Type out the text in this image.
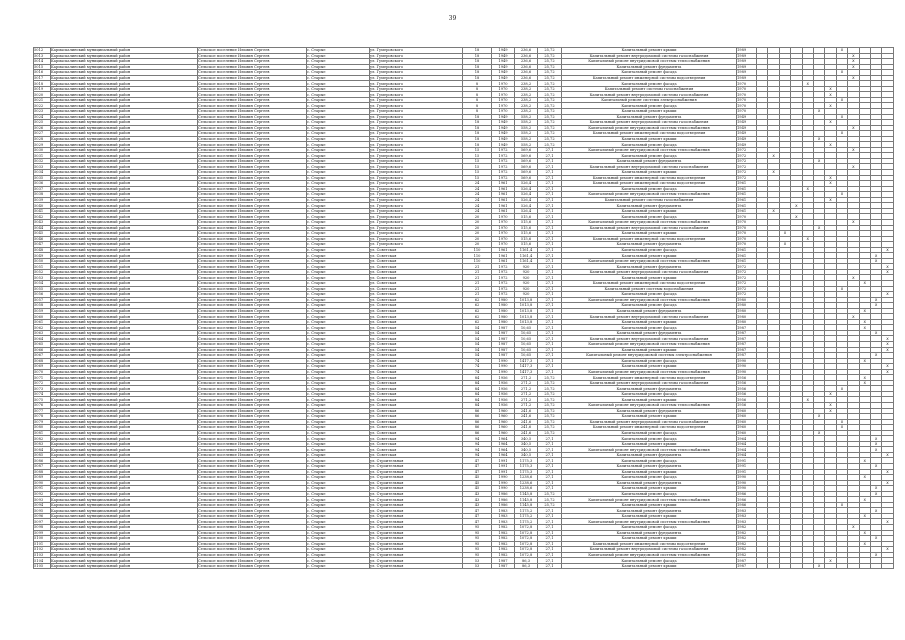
39
5012	Кармаскалинский муниципальный район	Сельское поселение Ильмин Сергеев	с. Старые	ул. Гумеровского	18	1949	236,6	25,72	Капитальный ремонт крыши	1989								X				
5013	Кармаскалинский муниципальный район	Сельское поселение Ильмин Сергеев	с. Старые	ул. Гумеровского	18	1949	236,6	25,72	Капитальный ремонт внутридомовой системы газоснабжения	1989									X			
5014	Кармаскалинский муниципальный район	Сельское поселение Ильмин Сергеев	с. Старые	ул. Гумеровского	18	1949	236,6	25,72	Капитальный ремонт внутридомовой системы теплоснабжения	1989									X			
5015	Кармаскалинский муниципальный район	Сельское поселение Ильмин Сергеев	с. Старые	ул. Гумеровского	18	1949	236,6	25,72	Капитальный ремонт фундамента	1989									X			
5016	Кармаскалинский муниципальный район	Сельское поселение Ильмин Сергеев	с. Старые	ул. Гумеровского	18	1949	236,6	25,72	Капитальный ремонт фасада	1989								X				
5017	Кармаскалинский муниципальный район	Сельское поселение Ильмин Сергеев	с. Старые	ул. Гумеровского	18	1949	236,6	25,72	Капитальный ремонт инженерной системы водоотведения	1989									X			
5018	Кармаскалинский муниципальный район	Сельское поселение Ильмин Сергеев	с. Старые	ул. Гумеровского	8	1970	238,2	25,72	Капитальный ремонт фасада	1970					X							
5019	Кармаскалинский муниципальный район	Сельское поселение Ильмин Сергеев	с. Старые	ул. Гумеровского	8	1970	238,2	25,72	Капитальный ремонт системы газоснабжения	1970							X					
5020	Кармаскалинский муниципальный район	Сельское поселение Ильмин Сергеев	с. Старые	ул. Гумеровского	8	1970	238,2	25,72	Капитальный ремонт внутридомовой системы газоснабжения	1970							X					
5021	Кармаскалинский муниципальный район	Сельское поселение Ильмин Сергеев	с. Старые	ул. Гумеровского	8	1970	238,2	25,72	Капитальный ремонт системы электроснабжения	1970								X				
5022	Кармаскалинский муниципальный район	Сельское поселение Ильмин Сергеев	с. Старые	ул. Гумеровского	8	1970	238,2	25,72	Капитальный ремонт фасада	1970							X					
5023	Кармаскалинский муниципальный район	Сельское поселение Ильмин Сергеев	с. Старые	ул. Гумеровского	8	1970	238,2	25,72	Капитальный ремонт крыши	1970						X						
5024	Кармаскалинский муниципальный район	Сельское поселение Ильмин Сергеев	с. Старые	ул. Гумеровского	18	1949	558,2	25,72	Капитальный ремонт фундамента	1949								X				
5025	Кармаскалинский муниципальный район	Сельское поселение Ильмин Сергеев	с. Старые	ул. Гумеровского	18	1949	558,2	25,72	Капитальный ремонт внутридомовой системы газоснабжения	1949							X					
5026	Кармаскалинский муниципальный район	Сельское поселение Ильмин Сергеев	с. Старые	ул. Гумеровского	18	1949	558,2	25,72	Капитальный ремонт внутридомовой системы теплоснабжения	1949									X			
5027	Кармаскалинский муниципальный район	Сельское поселение Ильмин Сергеев	с. Старые	ул. Гумеровского	18	1949	558,2	25,72	Капитальный ремонт инженерной системы водоотведения	1949								X				
5028	Кармаскалинский муниципальный район	Сельское поселение Ильмин Сергеев	с. Старые	ул. Гумеровского	18	1949	558,2	25,72	Капитальный ремонт крыши	1949						X						
5029	Кармаскалинский муниципальный район	Сельское поселение Ильмин Сергеев	с. Старые	ул. Гумеровского	18	1949	558,2	25,72	Капитальный ремонт фасада	1949							X					
5030	Кармаскалинский муниципальный район	Сельское поселение Ильмин Сергеев	с. Старые	ул. Гумеровского	15	1972	569,6	27,1	Капитальный ремонт внутридомовой системы теплоснабжения	1972									X			
5031	Кармаскалинский муниципальный район	Сельское поселение Ильмин Сергеев	с. Старые	ул. Гумеровского	15	1972	569,6	27,1	Капитальный ремонт фасада	1972		X										
5032	Кармаскалинский муниципальный район	Сельское поселение Ильмин Сергеев	с. Старые	ул. Гумеровского	15	1972	569,6	27,1	Капитальный ремонт фундамента	1972						X						
5033	Кармаскалинский муниципальный район	Сельское поселение Ильмин Сергеев	с. Старые	ул. Гумеровского	15	1972	569,6	27,1	Капитальный ремонт внутридомовой системы газоснабжения	1972									X			
5034	Кармаскалинский муниципальный район	Сельское поселение Ильмин Сергеев	с. Старые	ул. Гумеровского	15	1972	569,6	27,1	Капитальный ремонт крыши	1972		X										
5035	Кармаскалинский муниципальный район	Сельское поселение Ильмин Сергеев	с. Старые	ул. Гумеровского	15	1972	569,6	27,1	Капитальный ремонт инженерной системы водоотведения	1972							X					
5036	Кармаскалинский муниципальный район	Сельское поселение Ильмин Сергеев	с. Старые	ул. Гумеровского	24	1961	526,4	27,1	Капитальный ремонт инженерной системы водоотведения	1961							X					
5037	Кармаскалинский муниципальный район	Сельское поселение Ильмин Сергеев	с. Старые	ул. Гумеровского	24	1961	526,4	27,1	Капитальный ремонт фасада	1961					X							
5038	Кармаскалинский муниципальный район	Сельское поселение Ильмин Сергеев	с. Старые	ул. Гумеровского	24	1961	526,4	27,1	Капитальный ремонт внутридомовой системы теплоснабжения	1961								X				
5039	Кармаскалинский муниципальный район	Сельское поселение Ильмин Сергеев	с. Старые	ул. Гумеровского	24	1961	526,4	27,1	Капитальный ремонт системы газоснабжения	1961							X					
5040	Кармаскалинский муниципальный район	Сельское поселение Ильмин Сергеев	с. Старые	ул. Гумеровского	24	1961	526,4	27,1	Капитальный ремонт фундамента	1961				X								
5041	Кармаскалинский муниципальный район	Сельское поселение Ильмин Сергеев	с. Старые	ул. Гумеровского	24	1961	526,4	27,1	Капитальный ремонт крыши	1961		X										
5042	Кармаскалинский муниципальный район	Сельское поселение Ильмин Сергеев	с. Старые	ул. Гумеровского	20	1970	515,6	27,1	Капитальный ремонт фасада	1970				X								
5043	Кармаскалинский муниципальный район	Сельское поселение Ильмин Сергеев	с. Старые	ул. Гумеровского	20	1970	515,6	27,1	Капитальный ремонт внутридомовой системы теплоснабжения	1970									X			
5044	Кармаскалинский муниципальный район	Сельское поселение Ильмин Сергеев	с. Старые	ул. Гумеровского	20	1970	515,6	27,1	Капитальный ремонт внутридомовой системы газоснабжения	1970						X						
5045	Кармаскалинский муниципальный район	Сельское поселение Ильмин Сергеев	с. Старые	ул. Гумеровского	20	1970	515,6	27,1	Капитальный ремонт крыши	1970			X									
5046	Кармаскалинский муниципальный район	Сельское поселение Ильмин Сергеев	с. Старые	ул. Гумеровского	20	1970	515,6	27,1	Капитальный ремонт инженерной системы водоотведения	1970					X							
5047	Кармаскалинский муниципальный район	Сельское поселение Ильмин Сергеев	с. Старые	ул. Гумеровского	20	1970	515,6	27,1	Капитальный ремонт фундамента	1970			X									
5048	Кармаскалинский муниципальный район	Сельское поселение Ильмин Сергеев	с. Старые	ул. Советская	110	1961	1161,4	27,1	Капитальный ремонт фасада	1961												X
5049	Кармаскалинский муниципальный район	Сельское поселение Ильмин Сергеев	с. Старые	ул. Советская	110	1961	1161,4	27,1	Капитальный ремонт крыши	1961											X	
5050	Кармаскалинский муниципальный район	Сельское поселение Ильмин Сергеев	с. Старые	ул. Советская	110	1961	1161,4	27,1	Капитальный ремонт внутридомовой системы теплоснабжения	1961											X	
5051	Кармаскалинский муниципальный район	Сельское поселение Ильмин Сергеев	с. Старые	ул. Советская	21	1972	920	27,1	Капитальный ремонт фундамента	1972												X
5052	Кармаскалинский муниципальный район	Сельское поселение Ильмин Сергеев	с. Старые	ул. Советская	21	1972	920	27,1	Капитальный ремонт внутридомовой системы газоснабжения	1972												X
5053	Кармаскалинский муниципальный район	Сельское поселение Ильмин Сергеев	с. Старые	ул. Советская	21	1972	920	27,1	Капитальный ремонт крыши	1972									X			
5054	Кармаскалинский муниципальный район	Сельское поселение Ильмин Сергеев	с. Старые	ул. Советская	21	1972	920	27,1	Капитальный ремонт инженерной системы водоотведения	1972										X		
5055	Кармаскалинский муниципальный район	Сельское поселение Ильмин Сергеев	с. Старые	ул. Советская	21	1972	920	27,1	Капитальный ремонт системы водоснабжения	1972								X				
5056	Кармаскалинский муниципальный район	Сельское поселение Ильмин Сергеев	с. Старые	ул. Советская	21	1972	920	27,1	Капитальный ремонт фасада	1972												X
5057	Кармаскалинский муниципальный район	Сельское поселение Ильмин Сергеев	с. Старые	ул. Советская	62	1980	1013,8	27,1	Капитальный ремонт внутридомовой системы теплоснабжения	1980											X	
5058	Кармаскалинский муниципальный район	Сельское поселение Ильмин Сергеев	с. Старые	ул. Советская	62	1980	1013,8	27,1	Капитальный ремонт фасада	1980											X	
5059	Кармаскалинский муниципальный район	Сельское поселение Ильмин Сергеев	с. Старые	ул. Советская	62	1980	1013,8	27,1	Капитальный ремонт фундамента	1980										X		
5060	Кармаскалинский муниципальный район	Сельское поселение Ильмин Сергеев	с. Старые	ул. Советская	62	1980	1013,8	27,1	Капитальный ремонт внутридомовой системы газоснабжения	1980									X			
5061	Кармаскалинский муниципальный район	Сельское поселение Ильмин Сергеев	с. Старые	ул. Советская	62	1980	1013,8	27,1	Капитальный ремонт крыши	1980										X		
5062	Кармаскалинский муниципальный район	Сельское поселение Ильмин Сергеев	с. Старые	ул. Советская	54	1987	10,65	27,1	Капитальный ремонт фасада	1987										X		
5063	Кармаскалинский муниципальный район	Сельское поселение Ильмин Сергеев	с. Старые	ул. Советская	54	1987	10,65	27,1	Капитальный ремонт фундамента	1987											X	
5064	Кармаскалинский муниципальный район	Сельское поселение Ильмин Сергеев	с. Старые	ул. Советская	54	1987	10,65	27,1	Капитальный ремонт внутридомовой системы газоснабжения	1987												X
5065	Кармаскалинский муниципальный район	Сельское поселение Ильмин Сергеев	с. Старые	ул. Советская	54	1987	10,65	27,1	Капитальный ремонт внутридомовой системы теплоснабжения	1987												X
5066	Кармаскалинский муниципальный район	Сельское поселение Ильмин Сергеев	с. Старые	ул. Советская	54	1987	10,65	27,1	Капитальный ремонт крыши	1987												X
5067	Кармаскалинский муниципальный район	Сельское поселение Ильмин Сергеев	с. Старые	ул. Советская	54	1987	10,65	27,1	Капитальный ремонт внутридомовой системы электроснабжения	1987											X	
5068	Кармаскалинский муниципальный район	Сельское поселение Ильмин Сергеев	с. Старые	ул. Советская	74	1990	1417,3	27,1	Капитальный ремонт фасада	1990										X		
5069	Кармаскалинский муниципальный район	Сельское поселение Ильмин Сергеев	с. Старые	ул. Советская	74	1990	1417,3	27,1	Капитальный ремонт крыши	1990												X
5070	Кармаскалинский муниципальный район	Сельское поселение Ильмин Сергеев	с. Старые	ул. Советская	74	1990	1417,3	27,1	Капитальный ремонт внутридомовой системы теплоснабжения	1990												X
5071	Кармаскалинский муниципальный район	Сельское поселение Ильмин Сергеев	с. Старые	ул. Советская	84	1956	271,2	25,72	Капитальный ремонт инженерной системы водоотведения	1956										X		
5072	Кармаскалинский муниципальный район	Сельское поселение Ильмин Сергеев	с. Старые	ул. Советская	84	1956	271,2	25,72	Капитальный ремонт внутридомовой системы газоснабжения	1956										X		
5073	Кармаскалинский муниципальный район	Сельское поселение Ильмин Сергеев	с. Старые	ул. Советская	84	1956	271,2	25,72	Капитальный ремонт фундамента	1956								X				
5074	Кармаскалинский муниципальный район	Сельское поселение Ильмин Сергеев	с. Старые	ул. Советская	84	1956	271,2	25,72	Капитальный ремонт фасада	1956							X					
5075	Кармаскалинский муниципальный район	Сельское поселение Ильмин Сергеев	с. Старые	ул. Советская	84	1956	271,2	25,72	Капитальный ремонт крыши	1956					X							
5076	Кармаскалинский муниципальный район	Сельское поселение Ильмин Сергеев	с. Старые	ул. Советская	84	1956	271,2	25,72	Капитальный ремонт внутридомовой системы теплоснабжения	1956							X					
5077	Кармаскалинский муниципальный район	Сельское поселение Ильмин Сергеев	с. Старые	ул. Советская	86	1960	241,6	25,72	Капитальный ремонт фундамента	1960							X					
5078	Кармаскалинский муниципальный район	Сельское поселение Ильмин Сергеев	с. Старые	ул. Советская	86	1960	241,6	25,72	Капитальный ремонт крыши	1960						X						
5079	Кармаскалинский муниципальный район	Сельское поселение Ильмин Сергеев	с. Старые	ул. Советская	86	1960	241,6	25,72	Капитальный ремонт внутридомовой системы газоснабжения	1960								X				
5080	Кармаскалинский муниципальный район	Сельское поселение Ильмин Сергеев	с. Старые	ул. Советская	86	1960	241,6	25,72	Капитальный ремонт инженерной системы водоотведения	1960								X				
5081	Кармаскалинский муниципальный район	Сельское поселение Ильмин Сергеев	с. Старые	ул. Советская	86	1960	241,6	25,72	Капитальный ремонт фасада	1960						X						
5082	Кармаскалинский муниципальный район	Сельское поселение Ильмин Сергеев	с. Старые	ул. Советская	94	1964	340,5	27,1	Капитальный ремонт фасада	1964											X	
5083	Кармаскалинский муниципальный район	Сельское поселение Ильмин Сергеев	с. Старые	ул. Советская	94	1964	340,5	27,1	Капитальный ремонт крыши	1964											X	
5084	Кармаскалинский муниципальный район	Сельское поселение Ильмин Сергеев	с. Старые	ул. Советская	94	1964	340,5	27,1	Капитальный ремонт внутридомовой системы теплоснабжения	1964											X	
5085	Кармаскалинский муниципальный район	Сельское поселение Ильмин Сергеев	с. Старые	ул. Советская	94	1964	340,5	27,1	Капитальный ремонт фундамента	1964												X
5086	Кармаскалинский муниципальный район	Сельское поселение Ильмин Сергеев	с. Старые	ул. Строительная	47	1991	1175,3	27,1	Капитальный ремонт фасада	1991										X		
5087	Кармаскалинский муниципальный район	Сельское поселение Ильмин Сергеев	с. Старые	ул. Строительная	47	1991	1175,3	27,1	Капитальный ремонт фундамента	1991											X	
5088	Кармаскалинский муниципальный район	Сельское поселение Ильмин Сергеев	с. Старые	ул. Строительная	47	1991	1175,3	27,1	Капитальный ремонт крыши	1991												X
5089	Кармаскалинский муниципальный район	Сельское поселение Ильмин Сергеев	с. Старые	ул. Строительная	45	1990	1238,6	27,1	Капитальный ремонт фасада	1990										X		
5090	Кармаскалинский муниципальный район	Сельское поселение Ильмин Сергеев	с. Старые	ул. Строительная	45	1990	1238,6	27,1	Капитальный ремонт фундамента	1990												X
5091	Кармаскалинский муниципальный район	Сельское поселение Ильмин Сергеев	с. Старые	ул. Строительная	45	1990	1238,6	27,1	Капитальный ремонт крыши	1990											X	
5092	Кармаскалинский муниципальный район	Сельское поселение Ильмин Сергеев	с. Старые	ул. Строительная	43	1986	1145,8	25,72	Капитальный ремонт фасада	1986											X	
5093	Кармаскалинский муниципальный район	Сельское поселение Ильмин Сергеев	с. Старые	ул. Строительная	43	1986	1145,8	25,72	Капитальный ремонт внутридомовой системы теплоснабжения	1986										X		
5094	Кармаскалинский муниципальный район	Сельское поселение Ильмин Сергеев	с. Старые	ул. Строительная	43	1986	1145,8	25,72	Капитальный ремонт крыши	1986								X				
5095	Кармаскалинский муниципальный район	Сельское поселение Ильмин Сергеев	с. Старые	ул. Строительная	47	1983	1175,2	27,1	Капитальный ремонт фундамента	1983											X	
5096	Кармаскалинский муниципальный район	Сельское поселение Ильмин Сергеев	с. Старые	ул. Строительная	47	1983	1175,2	27,1	Капитальный ремонт крыши	1983										X		
5097	Кармаскалинский муниципальный район	Сельское поселение Ильмин Сергеев	с. Старые	ул. Строительная	47	1983	1175,2	27,1	Капитальный ремонт внутридомовой системы теплоснабжения	1983												X
5098	Кармаскалинский муниципальный район	Сельское поселение Ильмин Сергеев	с. Старые	ул. Строительная	95	1982	1072,8	27,1	Капитальный ремонт фасада	1982									X			
5099	Кармаскалинский муниципальный район	Сельское поселение Ильмин Сергеев	с. Старые	ул. Строительная	95	1982	1072,8	27,1	Капитальный ремонт фундамента	1982										X		
5100	Кармаскалинский муниципальный район	Сельское поселение Ильмин Сергеев	с. Старые	ул. Строительная	95	1982	1072,8	27,1	Капитальный ремонт крыши	1982											X	
5101	Кармаскалинский муниципальный район	Сельское поселение Ильмин Сергеев	с. Старые	ул. Строительная	95	1982	1072,8	27,1	Капитальный ремонт инженерной системы водоотведения	1982										X		
5102	Кармаскалинский муниципальный район	Сельское поселение Ильмин Сергеев	с. Старые	ул. Строительная	95	1982	1072,8	27,1	Капитальный ремонт внутридомовой системы газоснабжения	1982												X
5103	Кармаскалинский муниципальный район	Сельское поселение Ильмин Сергеев	с. Старые	ул. Строительная	95	1982	1072,8	27,1	Капитальный ремонт внутридомовой системы теплоснабжения	1982											X	
5104	Кармаскалинский муниципальный район	Сельское поселение Ильмин Сергеев	с. Старые	ул. Строительная	53	1987	86,3	27,1	Капитальный ремонт фасада	1987							X					
5105	Кармаскалинский муниципальный район	Сельское поселение Ильмин Сергеев	с. Старые	ул. Строительная	53	1987	86,3	27,1	Капитальный ремонт крыши	1987						X						
